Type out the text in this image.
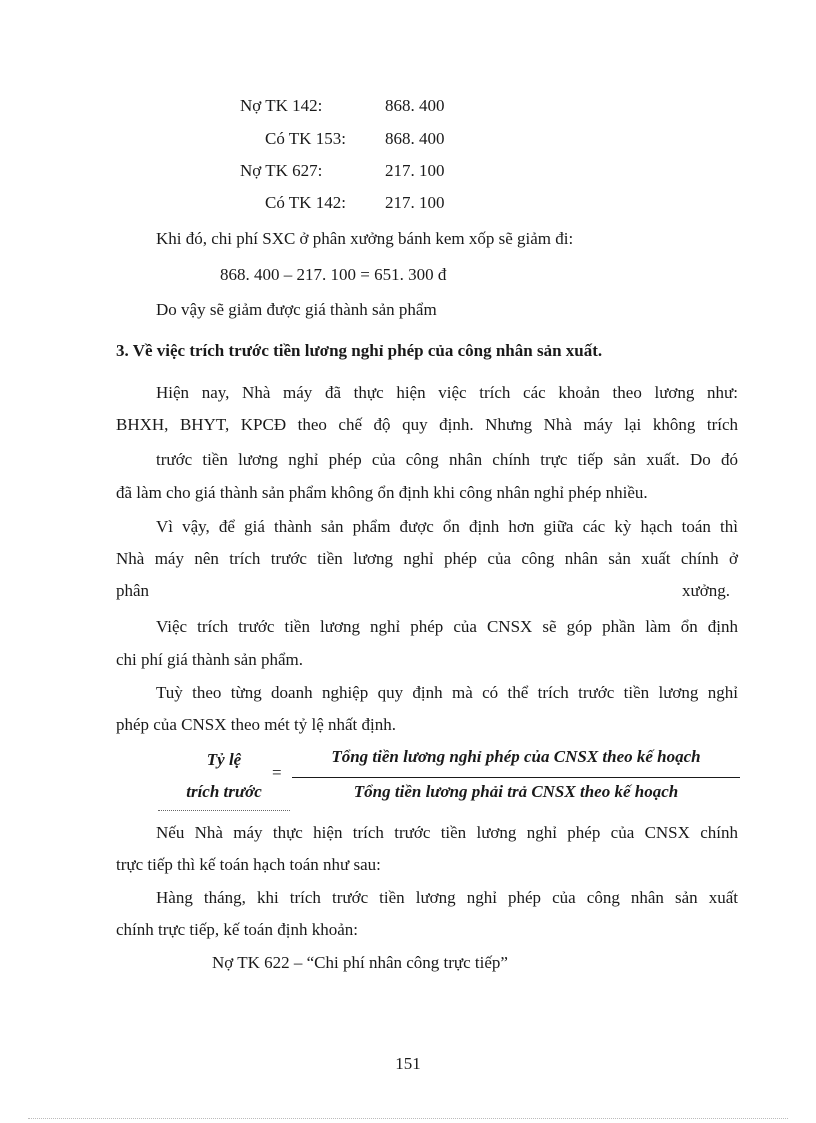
Nợ TK 142:	868. 400
Có TK 153: 868. 400
Nợ TK 627:	217. 100
Có TK 142: 217. 100
Khi đó, chi phí SXC ở phân xưởng bánh kem xốp sẽ giảm đi:
868. 400 – 217. 100 = 651. 300 đ
Do vậy sẽ giảm được giá thành sản phẩm
3. Về việc trích trước tiền lương nghỉ phép của công nhân sản xuất.
Hiện nay, Nhà máy đã thực hiện việc trích các khoản theo lương như:
BHXH, BHYT, KPCĐ theo chế độ quy định. Nhưng Nhà máy lại không trích
trước tiền lương nghỉ phép của công nhân chính trực tiếp sản xuất. Do đó
đã làm cho giá thành sản phẩm không ổn định khi công nhân nghỉ phép nhiều.
Vì vậy, để giá thành sản phẩm được ổn định hơn giữa các kỳ hạch toán thì
Nhà máy nên trích trước tiền lương nghỉ phép của công nhân sản xuất chính ở
phân	xưởng.
Việc trích trước tiền lương nghỉ phép của CNSX sẽ góp phần làm ổn định
chi phí giá thành sản phẩm.
Tuỳ theo từng doanh nghiệp quy định mà có thể trích trước tiền lương nghỉ
phép của CNSX theo mét tỷ lệ nhất định.
Tỷ lệ
trích trước
=
Tổng tiền lương nghỉ phép của CNSX theo kế hoạch
Tổng tiền lương phải trả CNSX theo kế hoạch
Nếu Nhà máy thực hiện trích trước tiền lương nghỉ phép của CNSX chính
trực tiếp thì kế toán hạch toán như sau:
Hàng tháng, khi trích trước tiền lương nghỉ phép của công nhân sản xuất
chính trực tiếp, kế toán định khoản:
Nợ TK 622 – “Chi phí nhân công trực tiếp”
151
